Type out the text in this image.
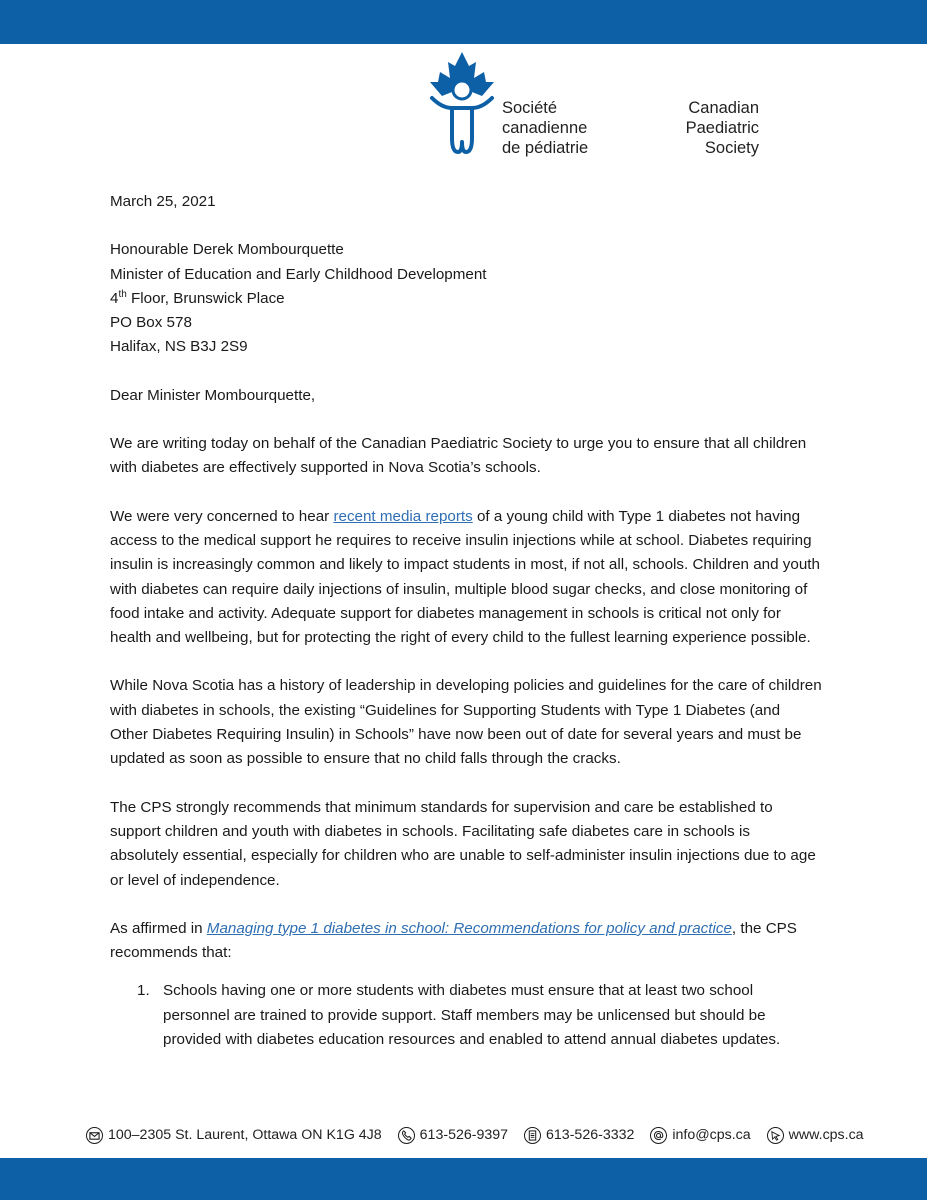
Canadian
Paediatric
Society
Société
canadienne
de pédiatrie

March 25, 2021

Honourable Derek Mombourquette
Minister of Education and Early Childhood Development
4th Floor, Brunswick Place
PO Box 578
Halifax, NS B3J 2S9

Dear Minister Mombourquette,

We are writing today on behalf of the Canadian Paediatric Society to urge you to ensure that all children with diabetes are effectively supported in Nova Scotia’s schools.

We were very concerned to hear recent media reports of a young child with Type 1 diabetes not having access to the medical support he requires to receive insulin injections while at school. Diabetes requiring insulin is increasingly common and likely to impact students in most, if not all, schools. Children and youth with diabetes can require daily injections of insulin, multiple blood sugar checks, and close monitoring of food intake and activity. Adequate support for diabetes management in schools is critical not only for health and wellbeing, but for protecting the right of every child to the fullest learning experience possible.

While Nova Scotia has a history of leadership in developing policies and guidelines for the care of children with diabetes in schools, the existing “Guidelines for Supporting Students with Type 1 Diabetes (and Other Diabetes Requiring Insulin) in Schools” have now been out of date for several years and must be updated as soon as possible to ensure that no child falls through the cracks.

The CPS strongly recommends that minimum standards for supervision and care be established to support children and youth with diabetes in schools. Facilitating safe diabetes care in schools is absolutely essential, especially for children who are unable to self-administer insulin injections due to age or level of independence.

As affirmed in Managing type 1 diabetes in school: Recommendations for policy and practice, the CPS recommends that:

1. Schools having one or more students with diabetes must ensure that at least two school personnel are trained to provide support. Staff members may be unlicensed but should be provided with diabetes education resources and enabled to attend annual diabetes updates.
100–2305 St. Laurent, Ottawa ON K1G 4J8	613-526-9397	613-526-3332	info@cps.ca	www.cps.ca
